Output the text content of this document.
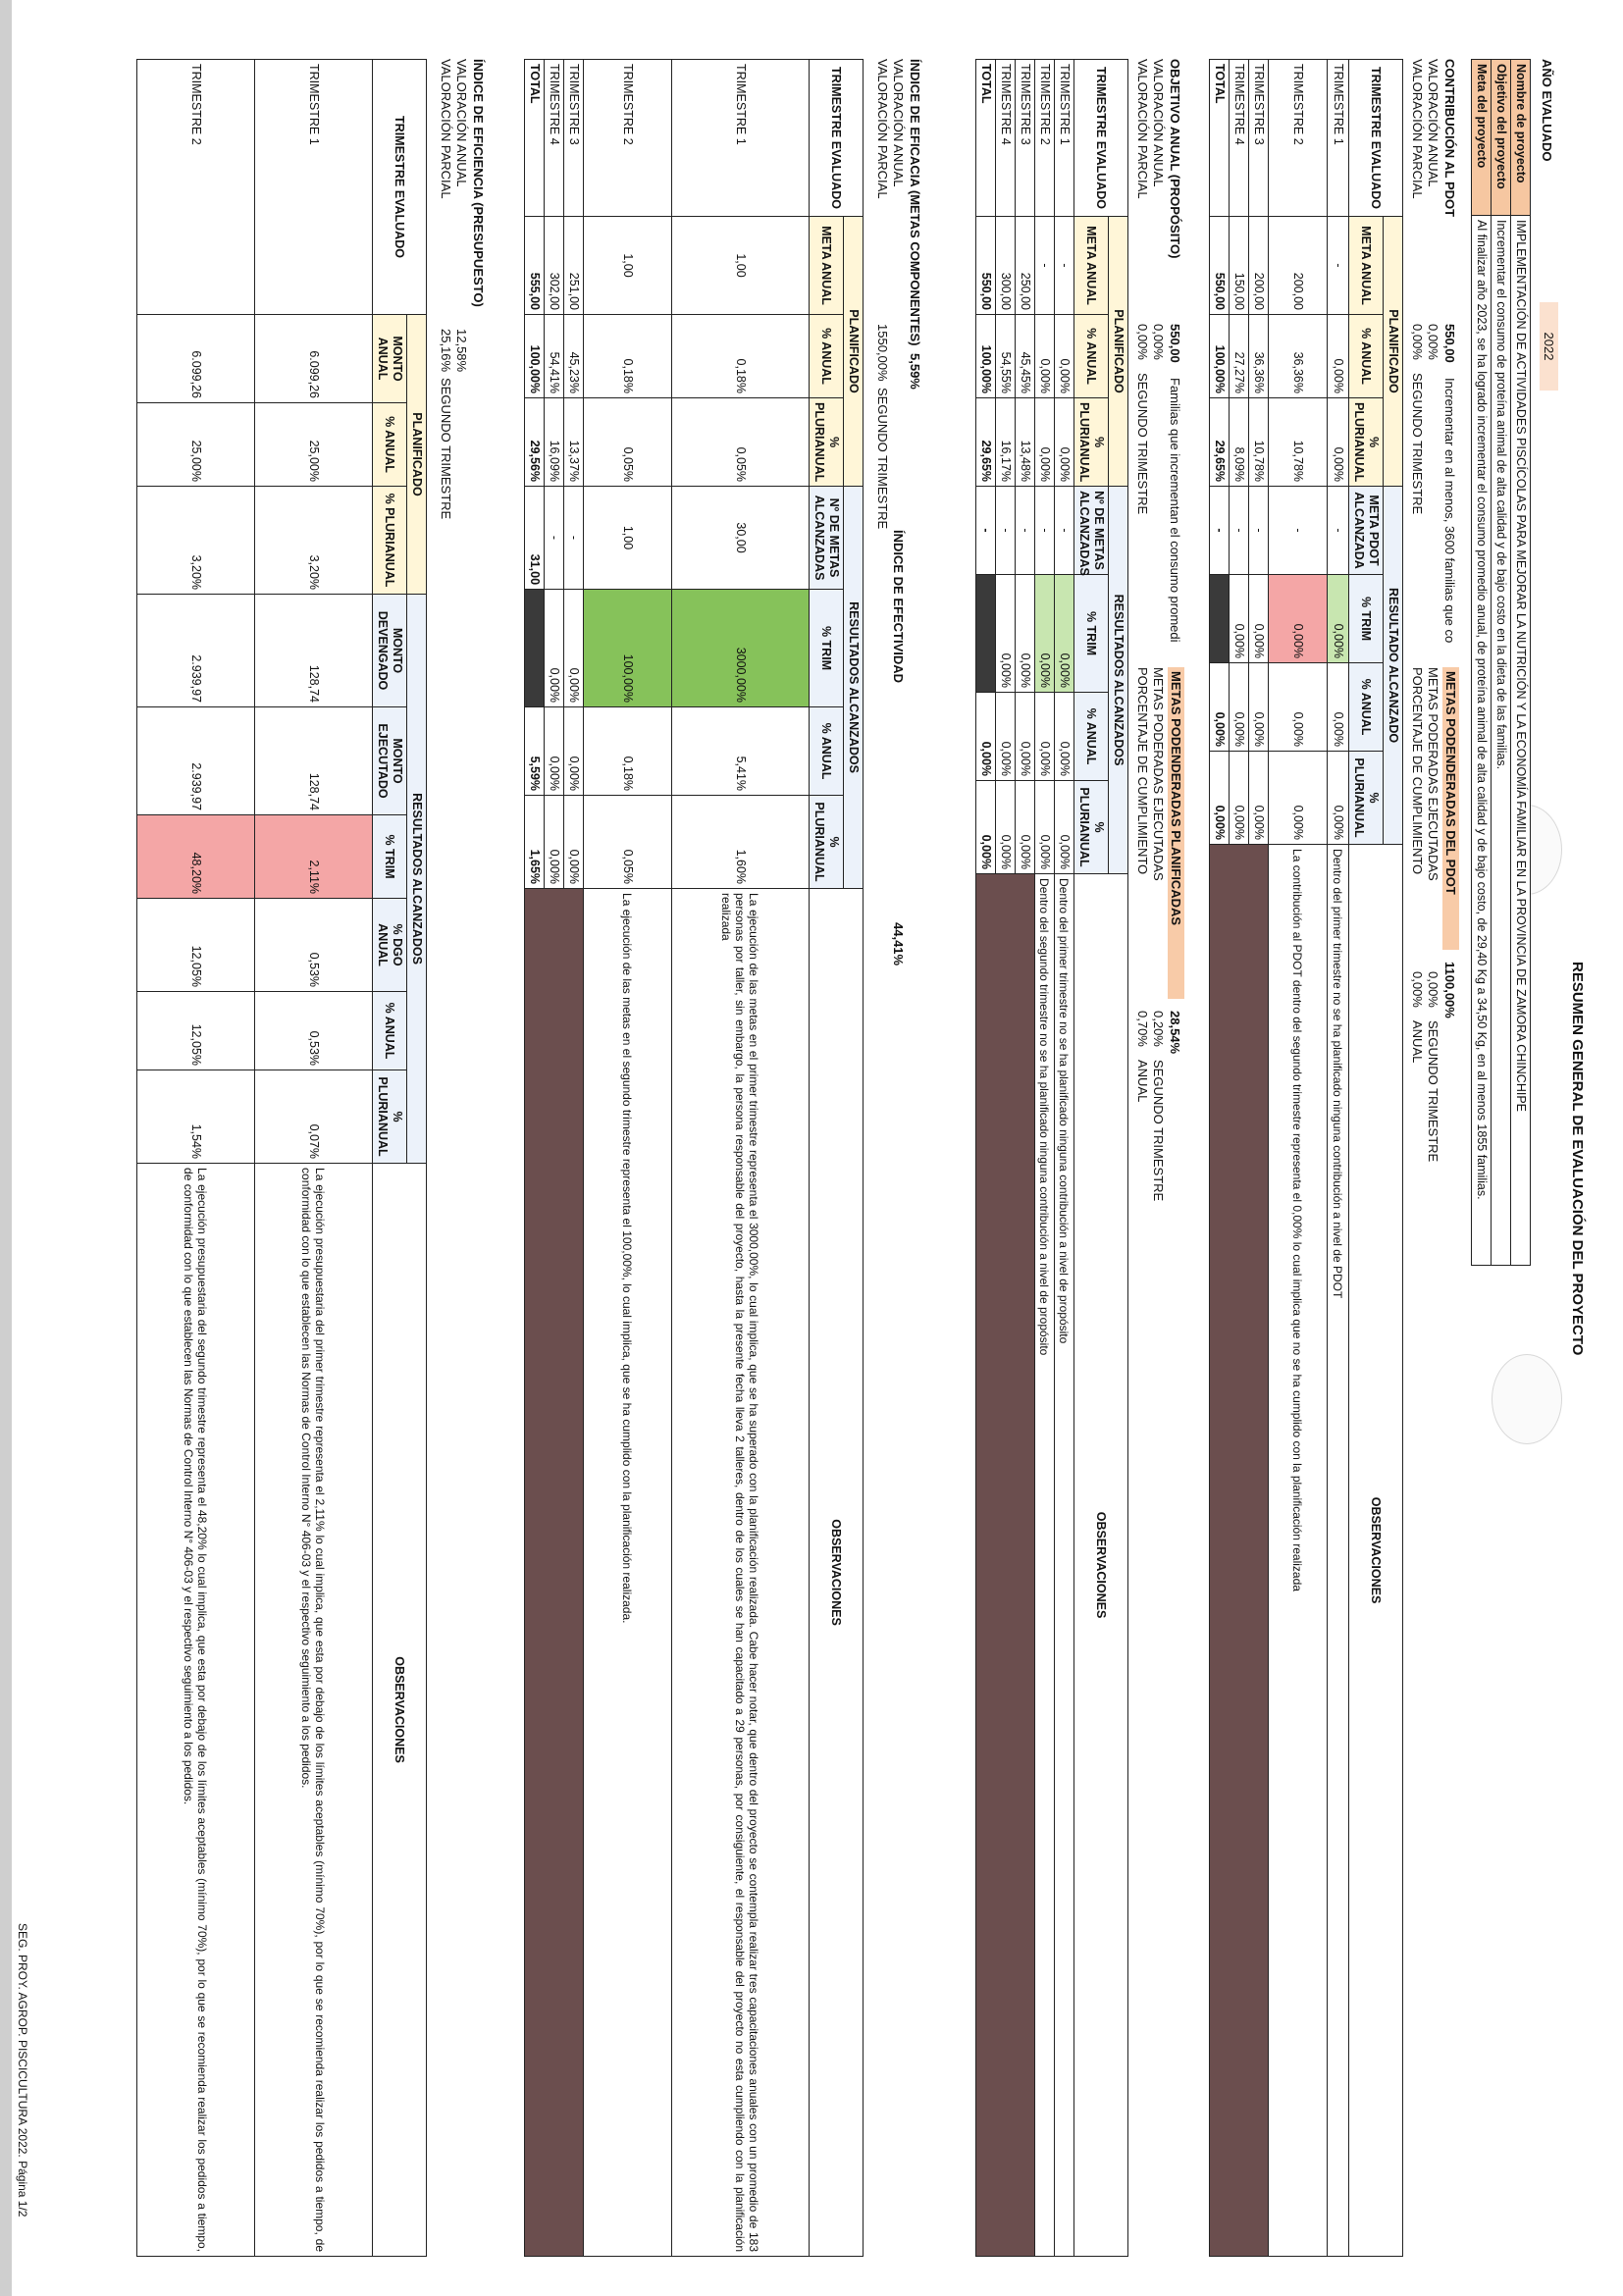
RESUMEN GENERAL DE EVALUACIÓN DEL PROYECTO
AÑO EVALUADO
2022
Nombre de proyecto	IMPLEMENTACIÓN DE ACTIVIDADES PISCÍCOLAS PARA MEJORAR LA NUTRICIÓN Y LA ECONOMÍA FAMILIAR EN LA PROVINCIA DE ZAMORA CHINCHIPE
Objetivo del proyecto	Incrementar el consumo de proteína animal de alta calidad y de bajo costo en la dieta de las familias.
Meta del proyecto	Al finalizar año 2023, se ha logrado incrementar el consumo promedio anual, de proteína animal de alta calidad y de bajo costo, de 29,40 Kg a 34,50 Kg, en al menos 1855 familias.
CONTRIBUCIÓN AL PDOT
550,00
Incrementar en al menos, 3600 familias que co
METAS PODENDERADAS DEL PDOT
1100,00%
VALORACIÓN ANUAL
0,00%
METAS PODERADAS EJECUTADAS
0,00%
SEGUNDO TRIMESTRE
VALORACIÓN PARCIAL
0,00%
SEGUNDO TRIMESTRE
PORCENTAJE DE CUMPLIMIENTO
0,00%
ANUAL
TRIMESTRE EVALUADO	PLANIFICADO			RESULTADO ALCANZADO				OBSERVACIONES
	META ANUAL	% ANUAL	% PLURIANUAL	META PDOT ALCANZADA	% TRIM	% ANUAL	% PLURIANUAL	
TRIMESTRE 1	-	0,00%	0,00%	-	0,00%	0,00%	0,00%	Dentro del primer trimestre no se ha planificado ninguna contribución a nivel de PDOT
TRIMESTRE 2	200,00	36,36%	10,78%	-	0,00%	0,00%	0,00%	La contribución al PDOT dentro del segundo trimestre representa el 0,00% lo cual implica que no se ha cumplido con la planificación realizada
TRIMESTRE 3	200,00	36,36%	10,78%	-	0,00%	0,00%	0,00%	
TRIMESTRE 4	150,00	27,27%	8,09%	-	0,00%	0,00%	0,00%	
TOTAL	550,00	100,00%	29,65%	-		0,00%	0,00%	
OBJETIVO ANUAL (PROPÓSITO)
550,00
Familias que incrementan el consumo promedi
METAS PODENDERADAS PLANIFICADAS
28,54%
VALORACIÓN ANUAL
0,00%
METAS PODERADAS EJECUTADAS
0,20%
SEGUNDO TRIMESTRE
VALORACIÓN PARCIAL
0,00%
SEGUNDO TRIMESTRE
PORCENTAJE DE CUMPLIMIENTO
0,70%
ANUAL
TRIMESTRE EVALUADO	PLANIFICADO			RESULTADOS ALCANZADOS				OBSERVACIONES
	META ANUAL	% ANUAL	% PLURIANUAL	Nº DE METAS ALCANZADAS	% TRIM	% ANUAL	% PLURIANUAL	
TRIMESTRE 1	-	0,00%	0,00%	-	0,00%	0,00%	0,00%	Dentro del primer trimestre no se ha planificado ninguna contribución a nivel de propósito
TRIMESTRE 2	-	0,00%	0,00%	-	0,00%	0,00%	0,00%	Dentro del segundo trimestre no se ha planificado ninguna contribución a nivel de propósito
TRIMESTRE 3	250,00	45,45%	13,48%	-	0,00%	0,00%	0,00%	
TRIMESTRE 4	300,00	54,55%	16,17%	-	0,00%	0,00%	0,00%	
TOTAL	550,00	100,00%	29,65%	-		0,00%	0,00%	
ÍNDICE DE EFICACIA (METAS COMPONENTES)
5,59%
VALORACIÓN ANUAL
ÍNDICE DE EFECTIVIDAD
44,41%
VALORACIÓN PARCIAL
1550,00%
SEGUNDO TRIMESTRE
TRIMESTRE EVALUADO	PLANIFICADO			RESULTADOS ALCANZADOS				OBSERVACIONES
	META ANUAL	% ANUAL	% PLURIANUAL	Nº DE METAS ALCANZADAS	% TRIM	% ANUAL	% PLURIANUAL	
TRIMESTRE 1	1,00	0,18%	0,05%	30,00	3000,00%	5,41%	1,60%	La ejecución de las metas en el primer trimestre representa el 3000,00%, lo cual implica, que se ha superado con la planificación realizada. Cabe hacer notar, que dentro del proyecto se contempla realizar tres capacitaciones anuales con un promedio de 183 personas por taller, sin embargo, la persona responsable del proyecto, hasta la presente fecha lleva 2 talleres, dentro de los cuales se han capacitado a 29 personas, por consiguiente, el responsable del proyecto no esta cumpliendo con la planificación realizada
TRIMESTRE 2	1,00	0,18%	0,05%	1,00	100,00%	0,18%	0,05%	La ejecución de las metas en el segundo trimestre representa el 100,00%, lo cual implica, que se ha cumplido con la planificación realizada.
TRIMESTRE 3	251,00	45,23%	13,37%	-	0,00%	0,00%	0,00%	
TRIMESTRE 4	302,00	54,41%	16,09%	-	0,00%	0,00%	0,00%	
TOTAL	555,00	100,00%	29,56%	31,00		5,59%	1,65%	
ÍNDICE DE EFICIENCIA (PRESUPUESTO)
VALORACIÓN ANUAL
12,58%
VALORACIÓN PARCIAL
25,16%
SEGUNDO TRIMESTRE
TRIMESTRE EVALUADO	PLANIFICADO			RESULTADOS ALCANZADOS						OBSERVACIONES
	MONTO ANUAL	% ANUAL	% PLURIANUAL	MONTO DEVENGADO	MONTO EJECUTADO	% TRIM	% DGO ANUAL	% ANUAL	% PLURIANUAL	
TRIMESTRE 1	6.099,26	25,00%	3,20%	128,74	128,74	2,11%	0,53%	0,53%	0,07%	La ejecución presupuestaria del primer trimestre representa el 2,11% lo cual implica, que esta por debajo de los límites aceptables (mínimo 70%), por lo que se recomienda realizar los pedidos a tiempo, de conformidad con lo que establecen las Normas de Control Interno N° 406-03 y el respectivo seguimiento a los pedidos.
TRIMESTRE 2	6.099,26	25,00%	3,20%	2.939,97	2.939,97	48,20%	12,05%	12,05%	1,54%	La ejecución presupuestaria del segundo trimestre representa el 48,20% lo cual implica, que esta por debajo de los límites aceptables (mínimo 70%), por lo que se recomienda realizar los pedidos a tiempo, de conformidad con lo que establecen las Normas de Control Interno N° 406-03 y el respectivo seguimiento a los pedidos.
SEG. PROY. AGROP. PISCICULTURA 2022. Página 1/2
